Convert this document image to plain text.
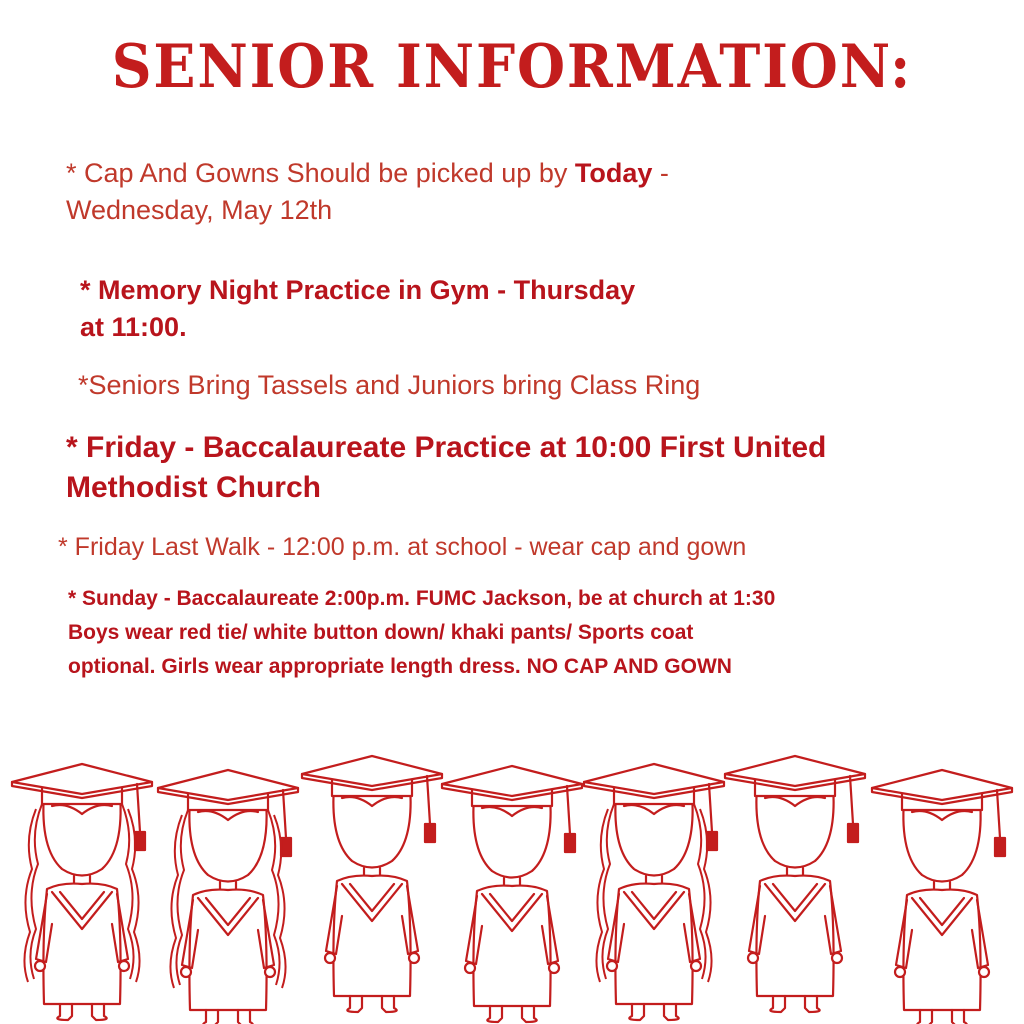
SENIOR INFORMATION:
* Cap And Gowns Should be picked up by Today -
Wednesday, May 12th
* Memory Night Practice in Gym - Thursday
at 11:00.
*Seniors Bring Tassels and Juniors bring Class Ring
* Friday - Baccalaureate Practice at 10:00 First United
Methodist Church
* Friday Last Walk - 12:00 p.m. at school - wear cap and gown
* Sunday - Baccalaureate 2:00p.m. FUMC Jackson, be at church at 1:30
Boys wear red tie/ white button down/ khaki pants/ Sports coat
optional. Girls wear appropriate length dress. NO CAP AND GOWN
